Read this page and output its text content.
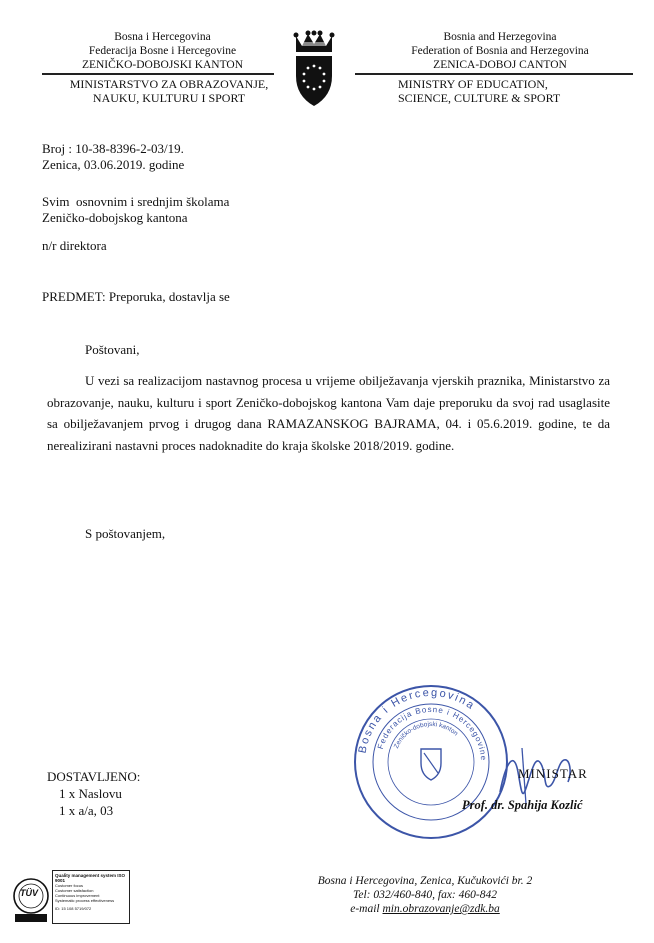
Bosna i Hercegovina
Federacija Bosne i Hercegovine
ZENIČKO-DOBOJSKI KANTON
Bosnia and Herzegovina
Federation of Bosnia and Herzegovina
ZENICA-DOBOJ CANTON
MINISTARSTVO ZA OBRAZOVANJE,
NAUKU, KULTURU I SPORT
MINISTRY OF EDUCATION,
SCIENCE, CULTURE & SPORT
Broj : 10-38-8396-2-03/19.
Zenica, 03.06.2019. godine
Svim  osnovnim i srednjim školama
Zeničko-dobojskog kantona
n/r direktora
PREDMET: Preporuka, dostavlja se
Poštovani,
U vezi sa realizacijom nastavnog procesa u vrijeme obilježavanja vjerskih praznika, Ministarstvo za obrazovanje, nauku, kulturu i sport Zeničko-dobojskog kantona Vam daje preporuku da svoj rad usaglasite sa obilježavanjem prvog i drugog dana RAMAZANSKOG BAJRAMA, 04. i 05.6.2019. godine, te da nerealizirani nastavni proces nadoknadite do kraja školske 2018/2019. godine.
S poštovanjem,
Bosna i Hercegovina
Federacija Bosne i Hercegovine
Zeničko-dobojski kanton
DOSTAVLJENO:
1 x Naslovu
1 x a/a, 03
MINISTAR
Prof. dr. Spahija Kozlić
TÜV
Quality management system ISO 9001
Customer focus
Customer satisfaction
Continuous improvement
Systematic process effectiveness
ID: 15 108 5719/072
Bosna i Hercegovina, Zenica, Kučukovići br. 2
Tel: 032/460-840, fax: 460-842
e-mail min.obrazovanje@zdk.ba
